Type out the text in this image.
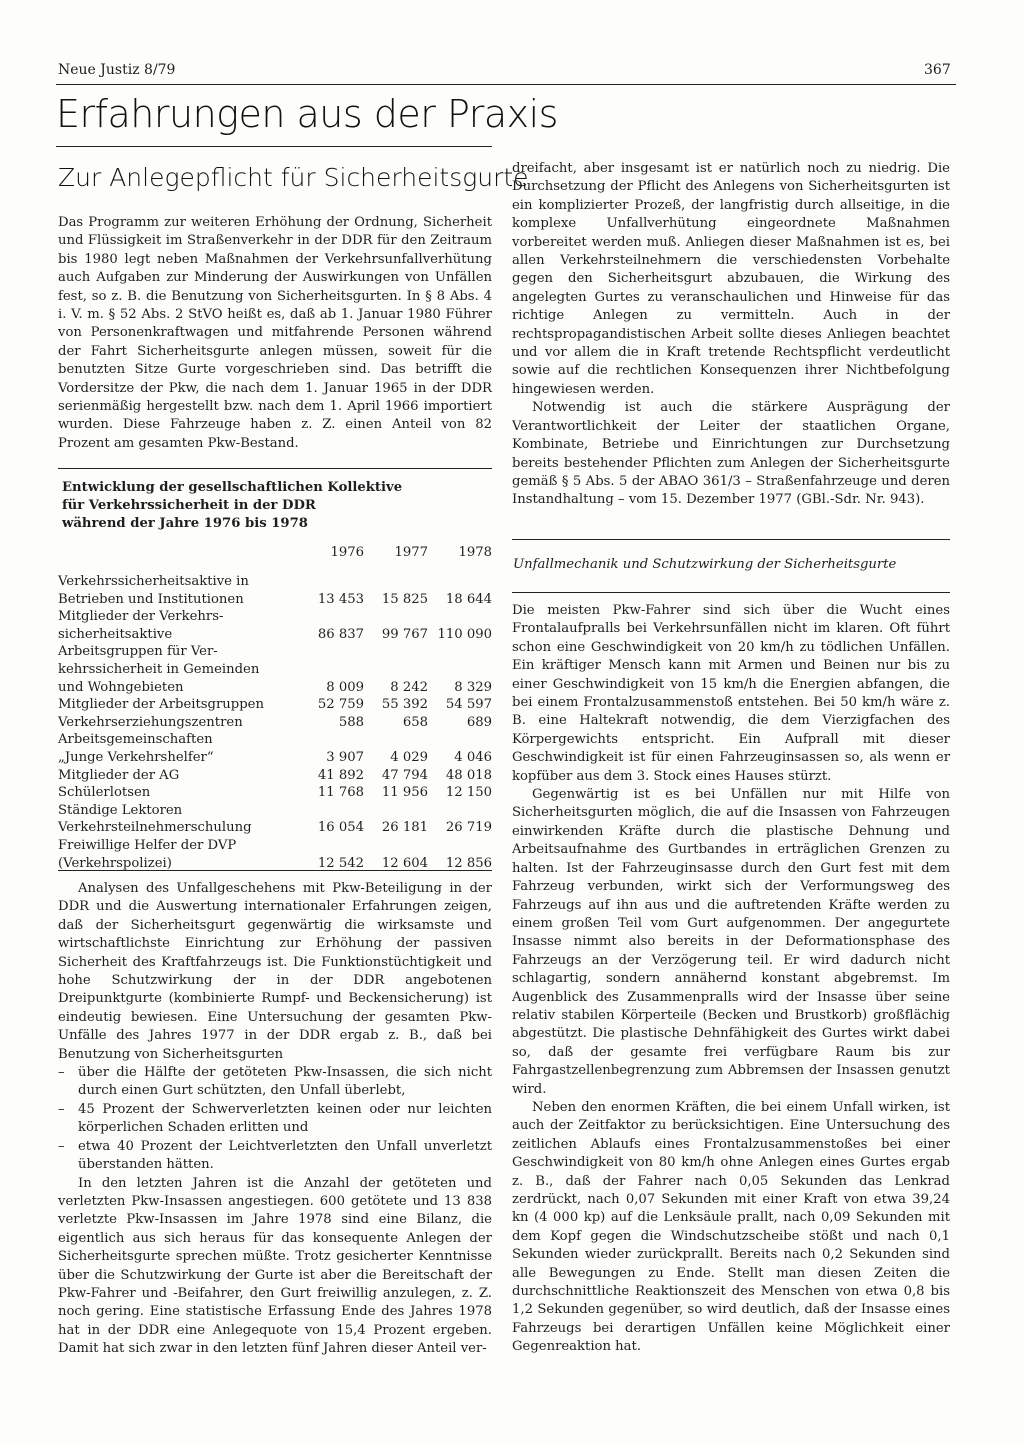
Neue Justiz 8/79	367
Erfahrungen aus der Praxis
Zur Anlegepflicht für Sicherheitsgurte

Das Programm zur weiteren Erhöhung der Ordnung, Sicherheit und Flüssigkeit im Straßenverkehr in der DDR für den Zeitraum bis 1980 legt neben Maßnahmen der Verkehrsunfallverhütung auch Aufgaben zur Minderung der Auswirkungen von Unfällen fest, so z. B. die Benutzung von Sicherheitsgurten. In § 8 Abs. 4 i. V. m. § 52 Abs. 2 StVO heißt es, daß ab 1. Januar 1980 Führer von Personenkraftwagen und mitfahrende Personen während der Fahrt Sicherheitsgurte anlegen müssen, soweit für die benutzten Sitze Gurte vorgeschrieben sind. Das betrifft die Vordersitze der Pkw, die nach dem 1. Januar 1965 in der DDR serienmäßig hergestellt bzw. nach dem 1. April 1966 importiert wurden. Diese Fahrzeuge haben z. Z. einen Anteil von 82 Prozent am gesamten Pkw-Bestand.

Entwicklung der gesellschaftlichen Kollektive
für Verkehrssicherheit in der DDR
während der Jahre 1976 bis 1978
	1976	1977	1978

Verkehrssicherheitsaktive in
Betrieben und Institutionen	13 453	15 825	18 644

Mitglieder der Verkehrs-
sicherheitsaktive	86 837	99 767	110 090

Arbeitsgruppen für Ver-
kehrssicherheit in Gemeinden
und Wohngebieten	8 009	8 242	8 329

Mitglieder der Arbeitsgruppen	52 759	55 392	54 597

Verkehrserziehungszentren	588	658	689

Arbeitsgemeinschaften
„Junge Verkehrshelfer“	3 907	4 029	4 046

Mitglieder der AG	41 892	47 794	48 018

Schülerlotsen	11 768	11 956	12 150

Ständige Lektoren
Verkehrsteilnehmerschulung	16 054	26 181	26 719

Freiwillige Helfer der DVP
(Verkehrspolizei)	12 542	12 604	12 856

Analysen des Unfallgeschehens mit Pkw-Beteiligung in der DDR und die Auswertung internationaler Erfahrungen zeigen, daß der Sicherheitsgurt gegenwärtig die wirksamste und wirtschaftlichste Einrichtung zur Erhöhung der passiven Sicherheit des Kraftfahrzeugs ist. Die Funktionstüchtigkeit und hohe Schutzwirkung der in der DDR angebotenen Dreipunktgurte (kombinierte Rumpf- und Beckensicherung) ist eindeutig bewiesen. Eine Untersuchung der gesamten Pkw-Unfälle des Jahres 1977 in der DDR ergab z. B., daß bei Benutzung von Sicherheitsgurten

–	über die Hälfte der getöteten Pkw-Insassen, die sich nicht durch einen Gurt schützten, den Unfall überlebt,
–	45 Prozent der Schwerverletzten keinen oder nur leichten körperlichen Schaden erlitten und
–	etwa 40 Prozent der Leichtverletzten den Unfall unverletzt überstanden hätten.

In den letzten Jahren ist die Anzahl der getöteten und verletzten Pkw-Insassen angestiegen. 600 getötete und 13 838 verletzte Pkw-Insassen im Jahre 1978 sind eine Bilanz, die eigentlich aus sich heraus für das konsequente Anlegen der Sicherheitsgurte sprechen müßte. Trotz gesicherter Kenntnisse über die Schutzwirkung der Gurte ist aber die Bereitschaft der Pkw-Fahrer und -Beifahrer, den Gurt freiwillig anzulegen, z. Z. noch gering. Eine statistische Erfassung Ende des Jahres 1978 hat in der DDR eine Anlegequote von 15,4 Prozent ergeben. Damit hat sich zwar in den letzten fünf Jahren dieser Anteil ver-

dreifacht, aber insgesamt ist er natürlich noch zu niedrig. Die Durchsetzung der Pflicht des Anlegens von Sicherheitsgurten ist ein komplizierter Prozeß, der langfristig durch allseitige, in die komplexe Unfallverhütung eingeordnete Maßnahmen vorbereitet werden muß. Anliegen dieser Maßnahmen ist es, bei allen Verkehrsteilnehmern die verschiedensten Vorbehalte gegen den Sicherheitsgurt abzubauen, die Wirkung des angelegten Gurtes zu veranschaulichen und Hinweise für das richtige Anlegen zu vermitteln. Auch in der rechtspropagandistischen Arbeit sollte dieses Anliegen beachtet und vor allem die in Kraft tretende Rechtspflicht verdeutlicht sowie auf die rechtlichen Konsequenzen ihrer Nichtbefolgung hingewiesen werden.

Notwendig ist auch die stärkere Ausprägung der Verantwortlichkeit der Leiter der staatlichen Organe, Kombinate, Betriebe und Einrichtungen zur Durchsetzung bereits bestehender Pflichten zum Anlegen der Sicherheitsgurte gemäß § 5 Abs. 5 der ABAO 361/3 – Straßenfahrzeuge und deren Instandhaltung – vom 15. Dezember 1977 (GBl.-Sdr. Nr. 943).

Unfallmechanik und Schutzwirkung der Sicherheitsgurte

Die meisten Pkw-Fahrer sind sich über die Wucht eines Frontalaufpralls bei Verkehrsunfällen nicht im klaren. Oft führt schon eine Geschwindigkeit von 20 km/h zu tödlichen Unfällen. Ein kräftiger Mensch kann mit Armen und Beinen nur bis zu einer Geschwindigkeit von 15 km/h die Energien abfangen, die bei einem Frontalzusammenstoß entstehen. Bei 50 km/h wäre z. B. eine Haltekraft notwendig, die dem Vierzigfachen des Körpergewichts entspricht. Ein Aufprall mit dieser Geschwindigkeit ist für einen Fahrzeuginsassen so, als wenn er kopfüber aus dem 3. Stock eines Hauses stürzt.

Gegenwärtig ist es bei Unfällen nur mit Hilfe von Sicherheitsgurten möglich, die auf die Insassen von Fahrzeugen einwirkenden Kräfte durch die plastische Dehnung und Arbeitsaufnahme des Gurtbandes in erträglichen Grenzen zu halten. Ist der Fahrzeuginsasse durch den Gurt fest mit dem Fahrzeug verbunden, wirkt sich der Verformungsweg des Fahrzeugs auf ihn aus und die auftretenden Kräfte werden zu einem großen Teil vom Gurt aufgenommen. Der angegurtete Insasse nimmt also bereits in der Deformationsphase des Fahrzeugs an der Verzögerung teil. Er wird dadurch nicht schlagartig, sondern annähernd konstant abgebremst. Im Augenblick des Zusammenpralls wird der Insasse über seine relativ stabilen Körperteile (Becken und Brustkorb) großflächig abgestützt. Die plastische Dehnfähigkeit des Gurtes wirkt dabei so, daß der gesamte frei verfügbare Raum bis zur Fahrgastzellenbegrenzung zum Abbremsen der Insassen genutzt wird.

Neben den enormen Kräften, die bei einem Unfall wirken, ist auch der Zeitfaktor zu berücksichtigen. Eine Untersuchung des zeitlichen Ablaufs eines Frontalzusammenstoßes bei einer Geschwindigkeit von 80 km/h ohne Anlegen eines Gurtes ergab z. B., daß der Fahrer nach 0,05 Sekunden das Lenkrad zerdrückt, nach 0,07 Sekunden mit einer Kraft von etwa 39,24 kn (4 000 kp) auf die Lenksäule prallt, nach 0,09 Sekunden mit dem Kopf gegen die Windschutzscheibe stößt und nach 0,1 Sekunden wieder zurückprallt. Bereits nach 0,2 Sekunden sind alle Bewegungen zu Ende. Stellt man diesen Zeiten die durchschnittliche Reaktionszeit des Menschen von etwa 0,8 bis 1,2 Sekunden gegenüber, so wird deutlich, daß der Insasse eines Fahrzeugs bei derartigen Unfällen keine Möglichkeit einer Gegenreaktion hat.
